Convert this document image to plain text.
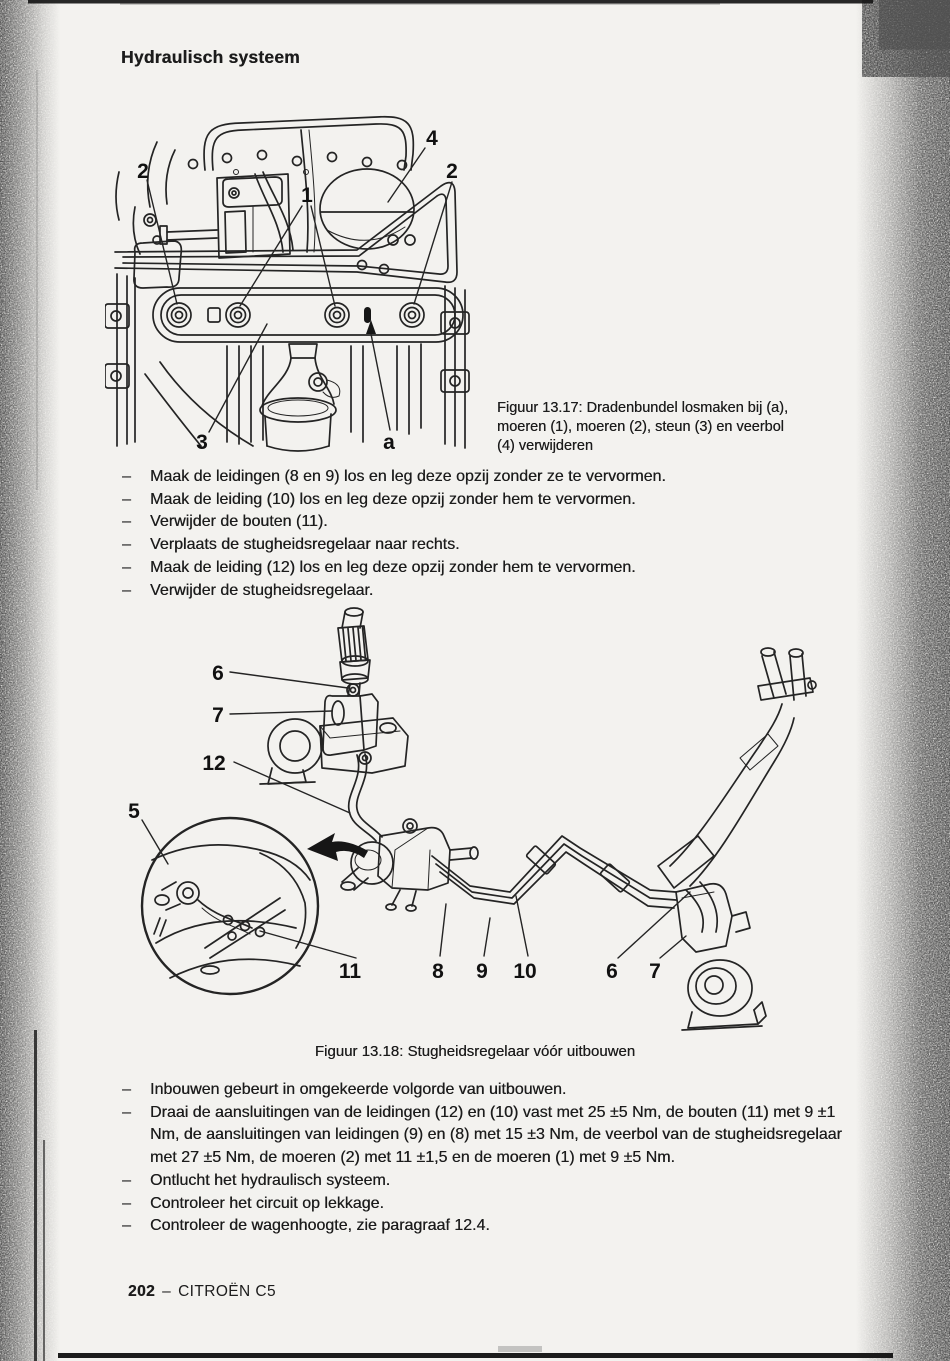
Hydraulisch systeem
2
1
4
2
3	a
Figuur 13.17: Dradenbundel losmaken bij (a), moeren (1), moeren (2), steun (3) en veerbol (4) verwijderen
–	Maak de leidingen (8 en 9) los en leg deze opzij zonder ze te vervormen.
–	Maak de leiding (10) los en leg deze opzij zonder hem te vervormen.
–	Verwijder de bouten (11).
–	Verplaats de stugheidsregelaar naar rechts.
–	Maak de leiding (12) los en leg deze opzij zonder hem te vervormen.
–	Verwijder de stugheidsregelaar.
6
7
12
5
11	8 9 10	6 7
Figuur 13.18: Stugheidsregelaar vóór uitbouwen
–	Inbouwen gebeurt in omgekeerde volgorde van uitbouwen.
–	Draai de aansluitingen van de leidingen (12) en (10) vast met 25 ±5 Nm, de bouten (11) met 9 ±1 Nm, de aansluitingen van leidingen (9) en (8) met 15 ±3 Nm, de veerbol van de stugheidsregelaar met 27 ±5 Nm, de moeren (2) met 11 ±1,5 en de moeren (1) met 9 ±5 Nm.
–	Ontlucht het hydraulisch systeem.
–	Controleer het circuit op lekkage.
–	Controleer de wagenhoogte, zie paragraaf 12.4.
202 – CITROËN C5
